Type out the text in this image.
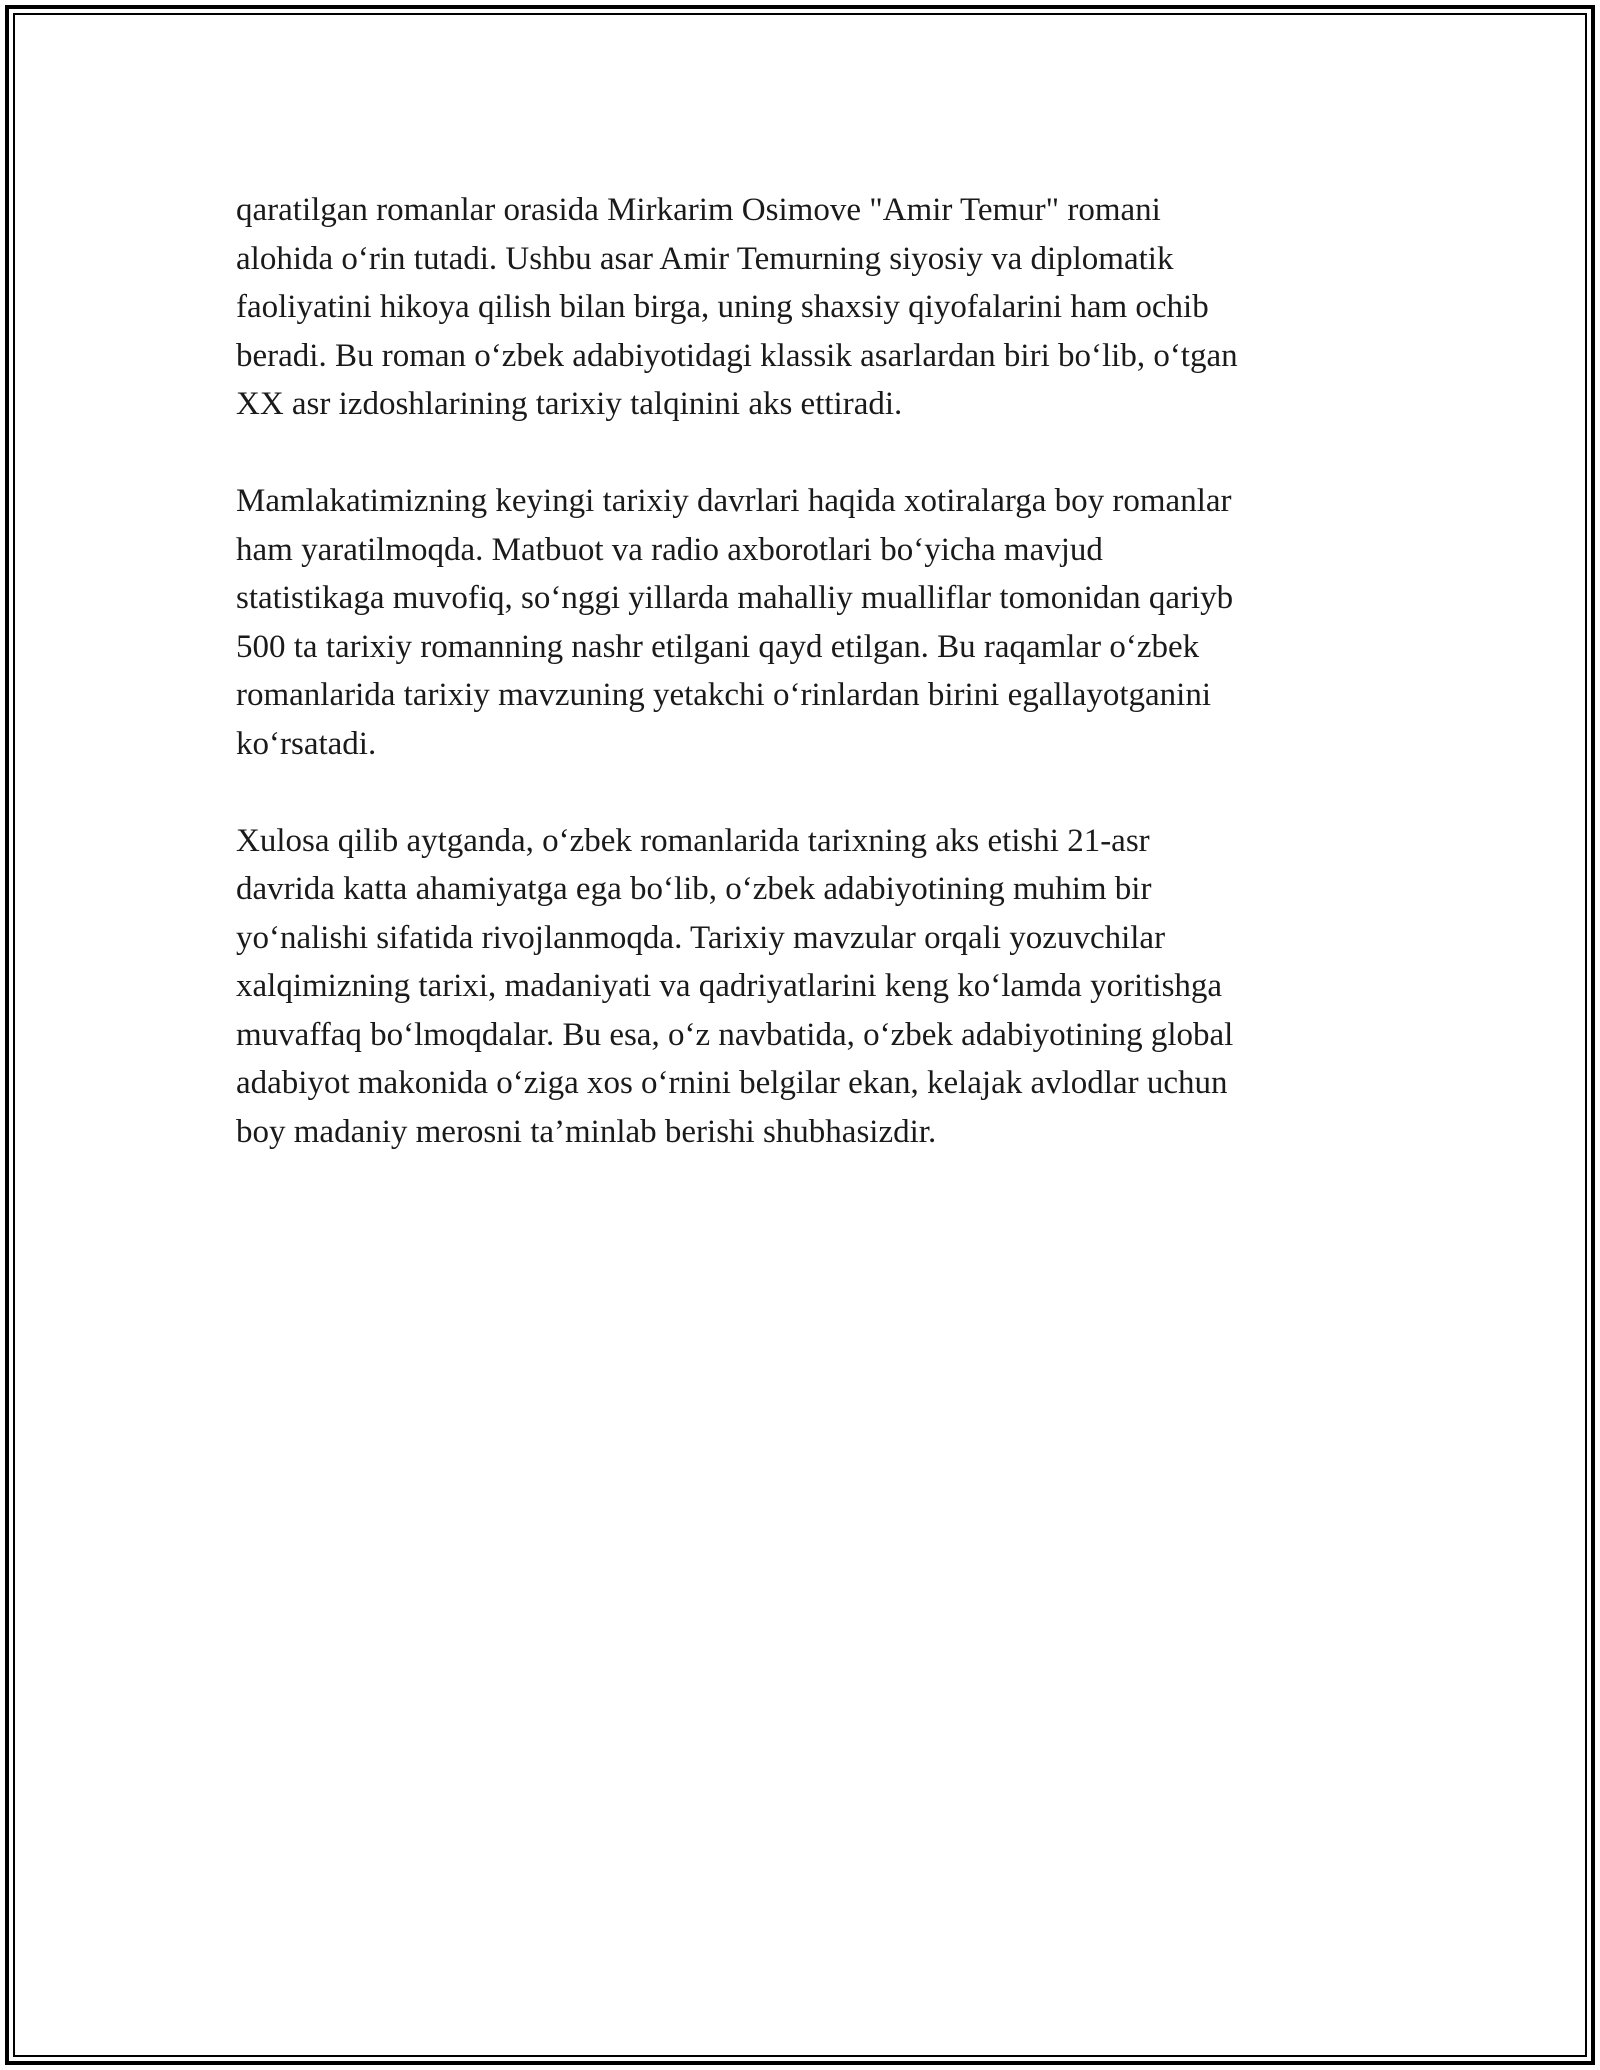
qaratilgan romanlar orasida Mirkarim Osimove "Amir Temur" romani
alohida o‘rin tutadi. Ushbu asar Amir Temurning siyosiy va diplomatik
faoliyatini hikoya qilish bilan birga, uning shaxsiy qiyofalarini ham ochib
beradi. Bu roman o‘zbek adabiyotidagi klassik asarlardan biri bo‘lib, o‘tgan
XX asr izdoshlarining tarixiy talqinini aks ettiradi.

Mamlakatimizning keyingi tarixiy davrlari haqida xotiralarga boy romanlar
ham yaratilmoqda. Matbuot va radio axborotlari bo‘yicha mavjud
statistikaga muvofiq, so‘nggi yillarda mahalliy mualliflar tomonidan qariyb
500 ta tarixiy romanning nashr etilgani qayd etilgan. Bu raqamlar o‘zbek
romanlarida tarixiy mavzuning yetakchi o‘rinlardan birini egallayotganini
ko‘rsatadi.

Xulosa qilib aytganda, o‘zbek romanlarida tarixning aks etishi 21-asr
davrida katta ahamiyatga ega bo‘lib, o‘zbek adabiyotining muhim bir
yo‘nalishi sifatida rivojlanmoqda. Tarixiy mavzular orqali yozuvchilar
xalqimizning tarixi, madaniyati va qadriyatlarini keng ko‘lamda yoritishga
muvaffaq bo‘lmoqdalar. Bu esa, o‘z navbatida, o‘zbek adabiyotining global
adabiyot makonida o‘ziga xos o‘rnini belgilar ekan, kelajak avlodlar uchun
boy madaniy merosni ta’minlab berishi shubhasizdir.
